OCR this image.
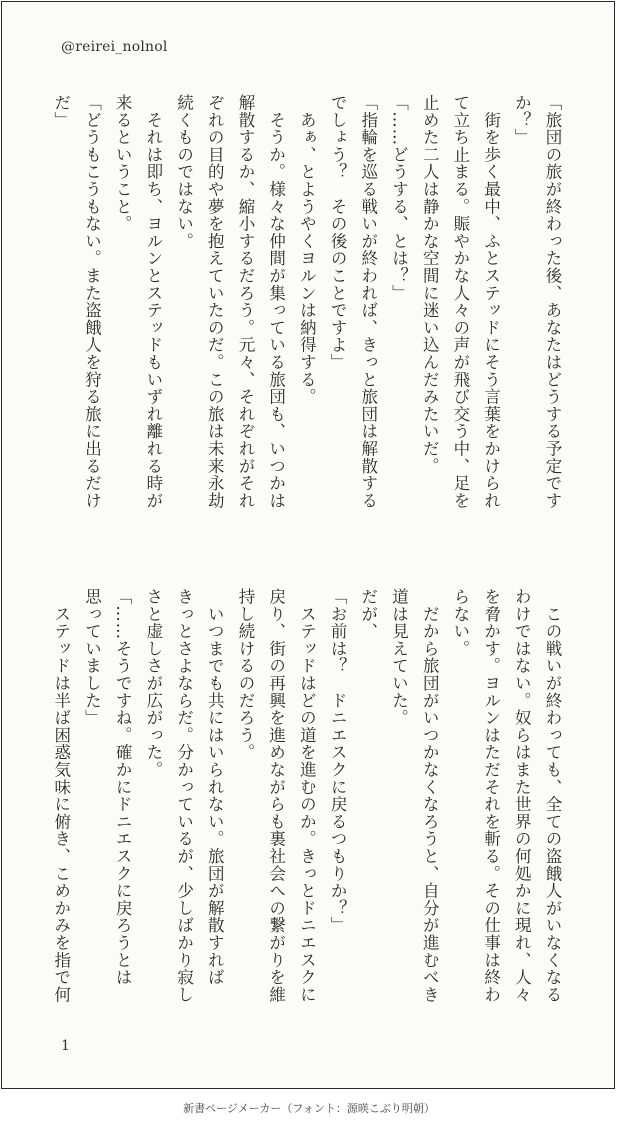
@reirei_nolnol
「旅団の旅が終わった後、あなたはどうする予定です
か？」
　街を歩く最中、ふとステッドにそう言葉をかけられ
て立ち止まる。賑やかな人々の声が飛び交う中、足を
止めた二人は静かな空間に迷い込んだみたいだ。
「……どうする、とは？」
「指輪を巡る戦いが終われば、きっと旅団は解散する
でしょう？　その後のことですよ」
　あぁ、とようやくヨルンは納得する。
　そうか。様々な仲間が集っている旅団も、いつかは
解散するか、縮小するだろう。元々、それぞれがそれ
ぞれの目的や夢を抱えていたのだ。この旅は未来永劫
続くものではない。
　それは即ち、ヨルンとステッドもいずれ離れる時が
来るということ。
「どうもこうもない。また盗餓人を狩る旅に出るだけ
だ」
　この戦いが終わっても、全ての盗餓人がいなくなる
わけではない。奴らはまた世界の何処かに現れ、人々
を脅かす。ヨルンはただそれを斬る。その仕事は終わ
らない。
　だから旅団がいつかなくなろうと、自分が進むべき
道は見えていた。
だが、
「お前は？　ドニエスクに戻るつもりか？」
　ステッドはどの道を進むのか。きっとドニエスクに
戻り、街の再興を進めながらも裏社会への繋がりを維
持し続けるのだろう。
　いつまでも共にはいられない。旅団が解散すれば
きっとさよならだ。分かっているが、少しばかり寂し
さと虚しさが広がった。
「……そうですね。確かにドニエスクに戻ろうとは
思っていました」
　ステッドは半ば困惑気味に俯き、こめかみを指で何
1
新書ページメーカー（フォント：源暎こぶり明朝）
